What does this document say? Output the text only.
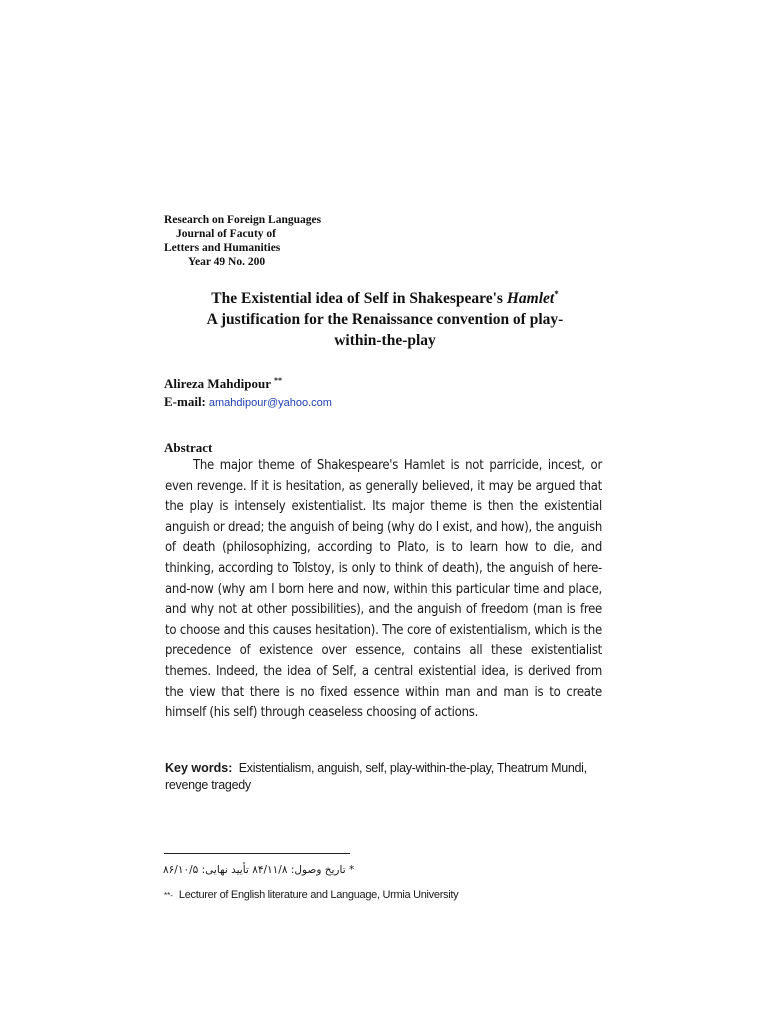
Research on Foreign Languages
Journal of Facuty of
Letters and Humanities
Year 49 No. 200
The Existential idea of Self in Shakespeare's Hamlet*
A justification for the Renaissance convention of play-
within-the-play
Alireza Mahdipour **
E-mail: amahdipour@yahoo.com
Abstract
The major theme of Shakespeare's Hamlet is not parricide, incest, or even revenge. If it is hesitation, as generally believed, it may be argued that the play is intensely existentialist. Its major theme is then the existential anguish or dread; the anguish of being (why do I exist, and how), the anguish of death (philosophizing, according to Plato, is to learn how to die, and thinking, according to Tolstoy, is only to think of death), the anguish of here-and-now (why am I born here and now, within this particular time and place, and why not at other possibilities), and the anguish of freedom (man is free to choose and this causes hesitation). The core of existentialism, which is the precedence of existence over essence, contains all these existentialist themes. Indeed, the idea of Self, a central existential idea, is derived from the view that there is no fixed essence within man and man is to create himself (his self) through ceaseless choosing of actions.
Key words: Existentialism, anguish, self, play-within-the-play, Theatrum Mundi, revenge tragedy
* تاریخ وصول: ۸۴/۱۱/۸ تأیید نهایی: ۸۶/۱۰/۵
**- Lecturer of English literature and Language, Urmia University
